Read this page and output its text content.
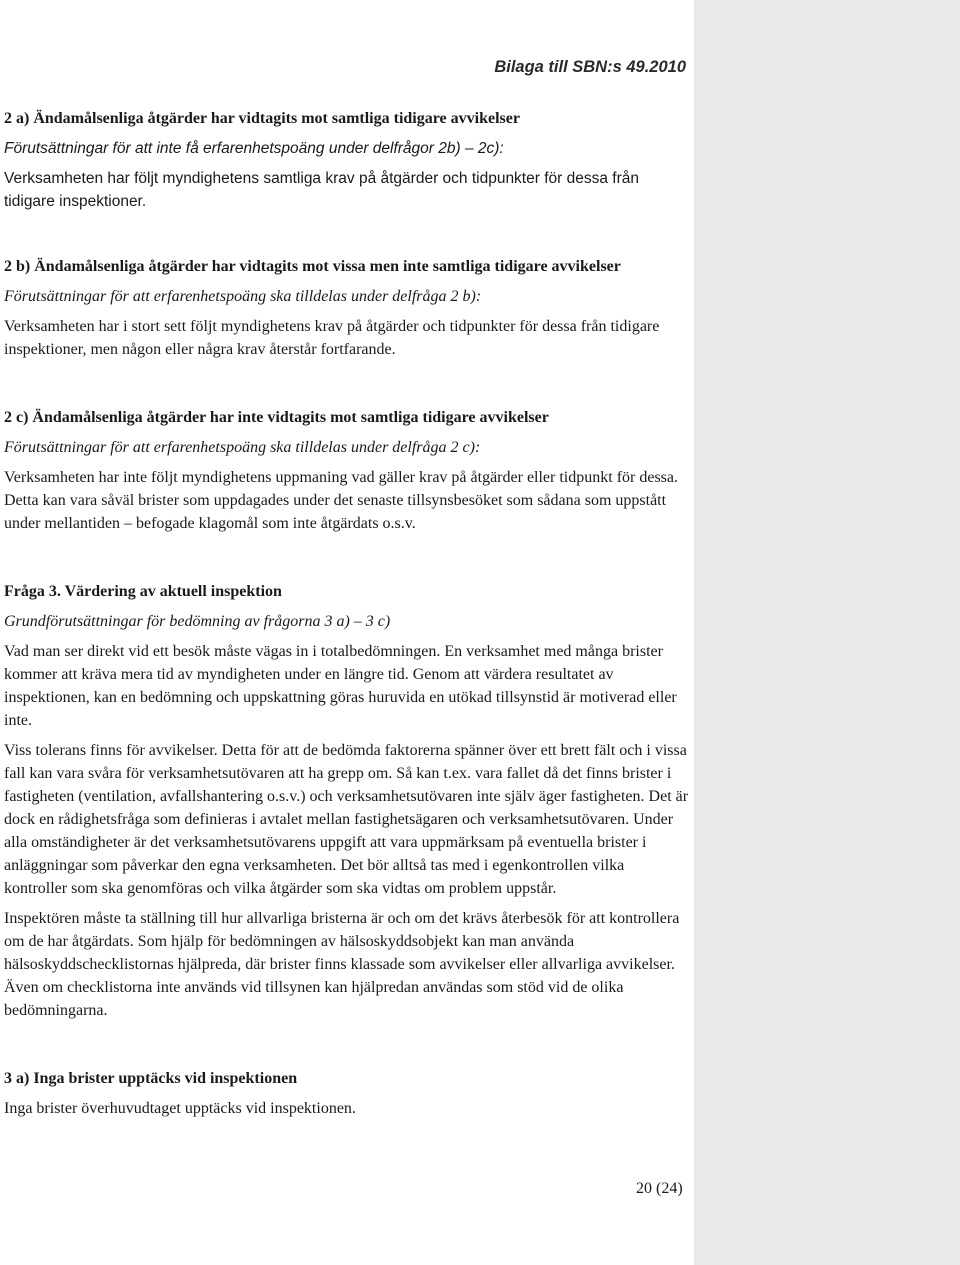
Bilaga till SBN:s 49.2010

2 a) Ändamålsenliga åtgärder har vidtagits mot samtliga tidigare avvikelser

Förutsättningar för att inte få erfarenhetspoäng under delfrågor 2b) – 2c):

Verksamheten har följt myndighetens samtliga krav på åtgärder och tidpunkter för dessa från tidigare inspektioner.

2 b) Ändamålsenliga åtgärder har vidtagits mot vissa men inte samtliga tidigare avvikelser

Förutsättningar för att erfarenhetspoäng ska tilldelas under delfråga 2 b):

Verksamheten har i stort sett följt myndighetens krav på åtgärder och tidpunkter för dessa från tidigare inspektioner, men någon eller några krav återstår fortfarande.

2 c) Ändamålsenliga åtgärder har inte vidtagits mot samtliga tidigare avvikelser

Förutsättningar för att erfarenhetspoäng ska tilldelas under delfråga 2 c):

Verksamheten har inte följt myndighetens uppmaning vad gäller krav på åtgärder eller tidpunkt för dessa. Detta kan vara såväl brister som uppdagades under det senaste tillsynsbesöket som sådana som uppstått under mellantiden – befogade klagomål som inte åtgärdats o.s.v.

Fråga 3. Värdering av aktuell inspektion

Grundförutsättningar för bedömning av frågorna 3 a) – 3 c)

Vad man ser direkt vid ett besök måste vägas in i totalbedömningen. En verksamhet med många brister kommer att kräva mera tid av myndigheten under en längre tid. Genom att värdera resultatet av inspektionen, kan en bedömning och uppskattning göras huruvida en utökad tillsynstid är motiverad eller inte.

Viss tolerans finns för avvikelser. Detta för att de bedömda faktorerna spänner över ett brett fält och i vissa fall kan vara svåra för verksamhetsutövaren att ha grepp om. Så kan t.ex. vara fallet då det finns brister i fastigheten (ventilation, avfallshantering o.s.v.) och verksamhetsutövaren inte själv äger fastigheten. Det är dock en rådighetsfråga som definieras i avtalet mellan fastighetsägaren och verksamhetsutövaren. Under alla omständigheter är det verksamhetsutövarens uppgift att vara uppmärksam på eventuella brister i anläggningar som påverkar den egna verksamheten. Det bör alltså tas med i egenkontrollen vilka kontroller som ska genomföras och vilka åtgärder som ska vidtas om problem uppstår.

Inspektören måste ta ställning till hur allvarliga bristerna är och om det krävs återbesök för att kontrollera om de har åtgärdats. Som hjälp för bedömningen av hälsoskyddsobjekt kan man använda hälsoskyddschecklistornas hjälpreda, där brister finns klassade som avvikelser eller allvarliga avvikelser. Även om checklistorna inte används vid tillsynen kan hjälpredan användas som stöd vid de olika bedömningarna.

3 a) Inga brister upptäcks vid inspektionen

Inga brister överhuvudtaget upptäcks vid inspektionen.

20 (24)
